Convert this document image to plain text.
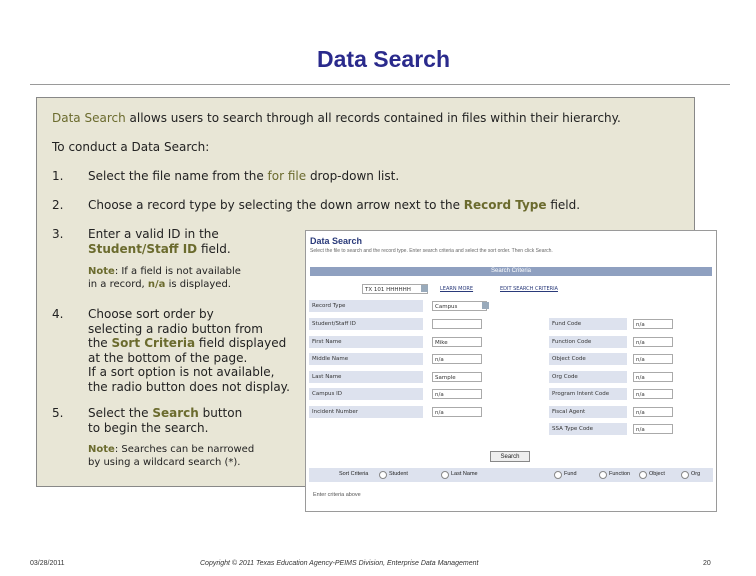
Data Search
Data Search allows users to search through all records contained in files within their hierarchy.
To conduct a Data Search:
1. Select the file name from the for file drop-down list.
2. Choose a record type by selecting the down arrow next to the Record Type field.
3. Enter a valid ID in the
Student/Staff ID field.
Note: If a field is not available
in a record, n/a is displayed.
4. Choose sort order by
selecting a radio button from
the Sort Criteria field displayed
at the bottom of the page.
If a sort option is not available,
the radio button does not display.
5. Select the Search button
to begin the search.
Note: Searches can be narrowed
by using a wildcard search (*).
Data Search
Select the file to search and the record type. Enter search criteria and select the sort order. Then click Search.
Search Criteria
TX 101 HHHHHH	LEARN MORE	EDIT SEARCH CRITERIA
Record Type	Campus
Student/Staff ID
First Name	Mike
Middle Name	n/a
Last Name	Sample
Campus ID	n/a
Incident Number	n/a
Fund Code	n/a
Function Code	n/a
Object Code	n/a
Org Code	n/a
Program Intent Code	n/a
Fiscal Agent	n/a
SSA Type Code	n/a
Search
Sort Criteria	Student	Last Name	Fund	Function	Object	Org
Enter criteria above
03/28/2011	Copyright © 2011 Texas Education Agency-PEIMS Division, Enterprise Data Management	20
